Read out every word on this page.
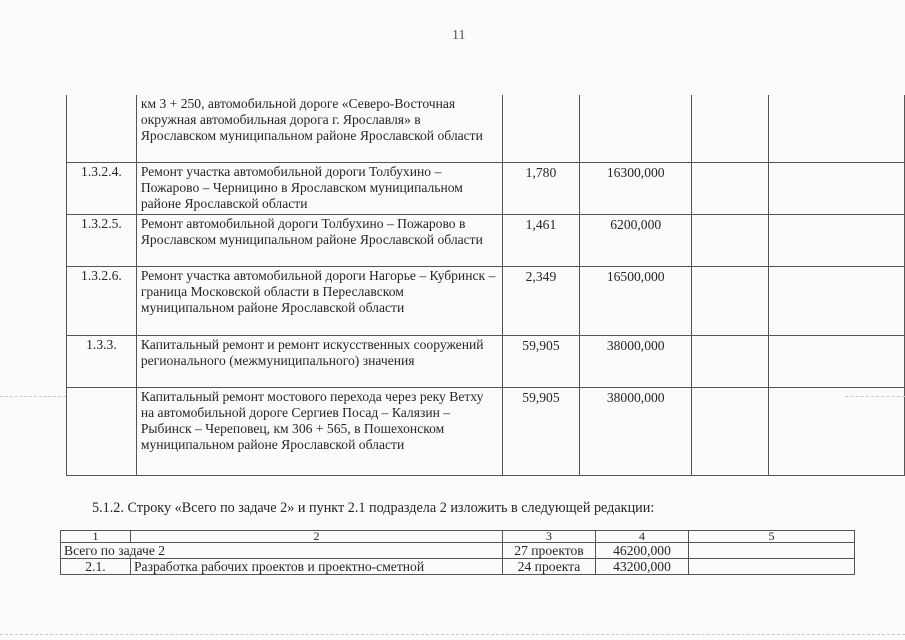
11
	км 3 + 250, автомобильной дороге «Северо-Восточная окружная автомобильная дорога г. Ярославля» в Ярославском муниципальном районе Ярославской области				
1.3.2.4.	Ремонт участка автомобильной дороги Толбухино – Пожарово – Черницино в Ярославском муниципальном районе Ярославской области	1,780	16300,000		
1.3.2.5.	Ремонт автомобильной дороги Толбухино – Пожарово в Ярославском муниципальном районе Ярославской области	1,461	6200,000		
1.3.2.6.	Ремонт участка автомобильной дороги Нагорье – Кубринск – граница Московской области в Переславском муниципальном районе Ярославской области	2,349	16500,000		
1.3.3.	Капитальный ремонт и ремонт искусственных сооружений регионального (межмуниципального) значения	59,905	38000,000		
	Капитальный ремонт мостового перехода через реку Ветху на автомобильной дороге Сергиев Посад – Калязин – Рыбинск – Череповец, км 306 + 565, в Пошехонском муниципальном районе Ярославской области	59,905	38000,000		
5.1.2. Строку «Всего по задаче 2» и пункт 2.1 подраздела 2 изложить в следующей редакции:
1	2	3	4	5
Всего по задаче 2		27 проектов	46200,000	
2.1.	Разработка рабочих проектов и проектно-сметной	24 проекта	43200,000	
